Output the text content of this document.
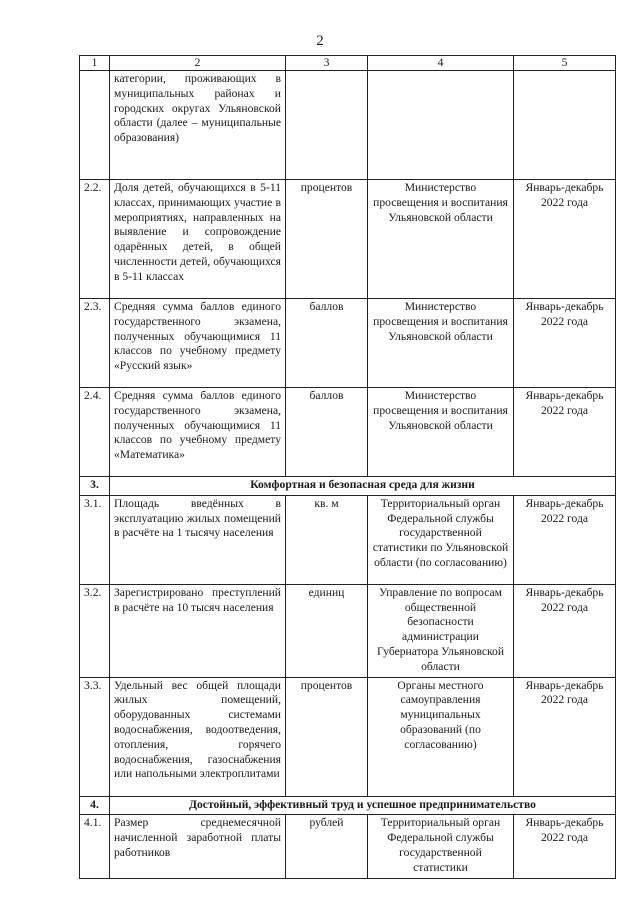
2
1	2	3	4	5
	категории, проживающих в муниципальных районах и городских округах Ульяновской области (далее – муниципальные образования)			
2.2.	Доля детей, обучающихся в 5-11 классах, принимающих участие в мероприятиях, направленных на выявление и сопровождение одарённых детей, в общей численности детей, обучающихся в 5-11 классах	процентов	Министерство просвещения и воспитания Ульяновской области	Январь-декабрь 2022 года
2.3.	Средняя сумма баллов единого государственного экзамена, полученных обучающимися 11 классов по учебному предмету «Русский язык»	баллов	Министерство просвещения и воспитания Ульяновской области	Январь-декабрь 2022 года
2.4.	Средняя сумма баллов единого государственного экзамена, полученных обучающимися 11 классов по учебному предмету «Математика»	баллов	Министерство просвещения и воспитания Ульяновской области	Январь-декабрь 2022 года
3.	Комфортная и безопасная среда для жизни			
3.1.	Площадь введённых в эксплуатацию жилых помещений в расчёте на 1 тысячу населения	кв. м	Территориальный орган Федеральной службы государственной статистики по Ульяновской области (по согласованию)	Январь-декабрь 2022 года
3.2.	Зарегистрировано преступлений в расчёте на 10 тысяч населения	единиц	Управление по вопросам общественной безопасности администрации Губернатора Ульяновской области	Январь-декабрь 2022 года
3.3.	Удельный вес общей площади жилых помещений, оборудованных системами водоснабжения, водоотведения, отопления, горячего водоснабжения, газоснабжения или напольными электроплитами	процентов	Органы местного самоуправления муниципальных образований (по согласованию)	Январь-декабрь 2022 года
4.	Достойный, эффективный труд и успешное предпринимательство			
4.1.	Размер среднемесячной начисленной заработной платы работников	рублей	Территориальный орган Федеральной службы государственной статистики	Январь-декабрь 2022 года
